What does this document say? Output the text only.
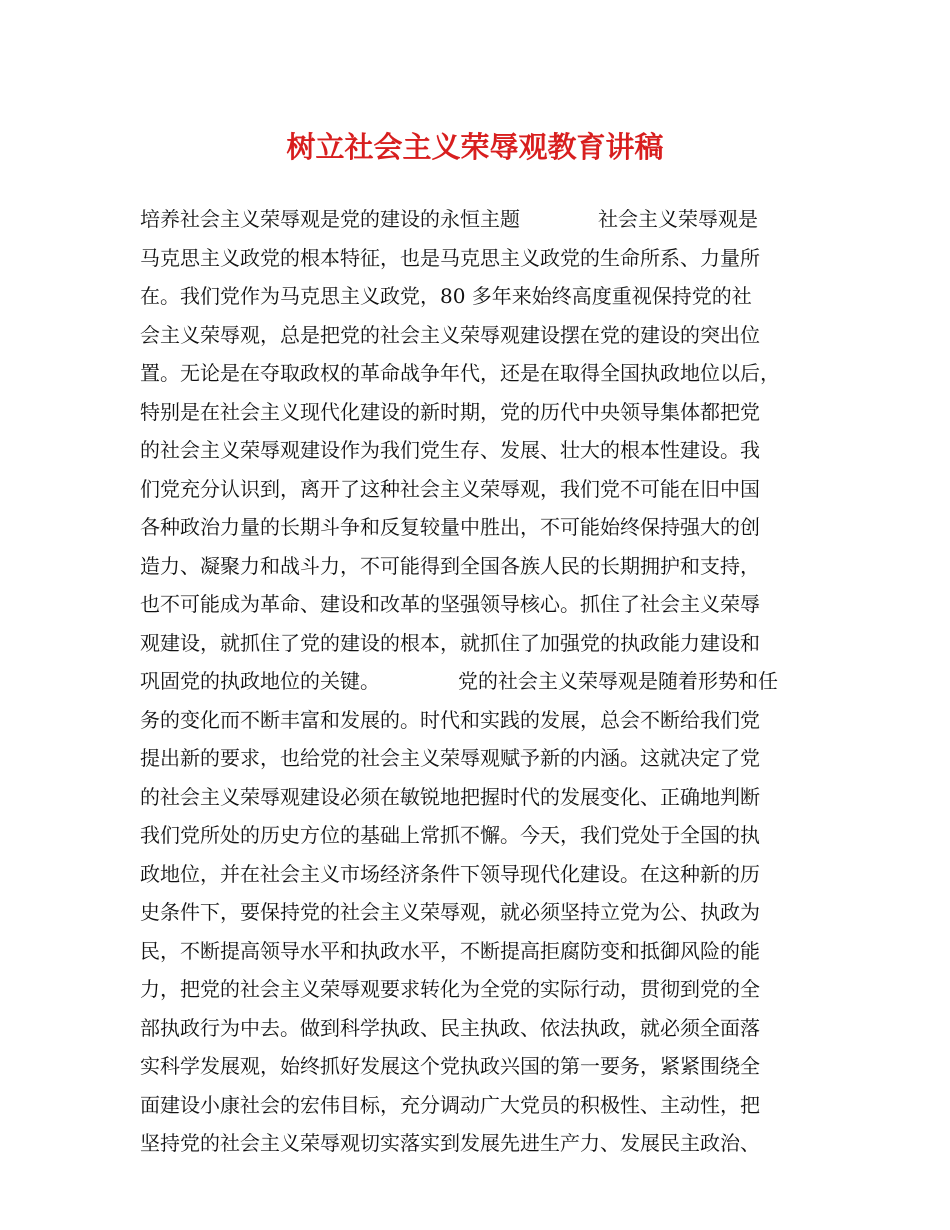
树立社会主义荣辱观教育讲稿
培养社会主义荣辱观是党的建设的永恒主题	社会主义荣辱观是
马克思主义政党的根本特征，也是马克思主义政党的生命所系、力量所
在。我们党作为马克思主义政党，80 多年来始终高度重视保持党的社
会主义荣辱观，总是把党的社会主义荣辱观建设摆在党的建设的突出位
置。无论是在夺取政权的革命战争年代，还是在取得全国执政地位以后，
特别是在社会主义现代化建设的新时期，党的历代中央领导集体都把党
的社会主义荣辱观建设作为我们党生存、发展、壮大的根本性建设。我
们党充分认识到，离开了这种社会主义荣辱观，我们党不可能在旧中国
各种政治力量的长期斗争和反复较量中胜出，不可能始终保持强大的创
造力、凝聚力和战斗力，不可能得到全国各族人民的长期拥护和支持，
也不可能成为革命、建设和改革的坚强领导核心。抓住了社会主义荣辱
观建设，就抓住了党的建设的根本，就抓住了加强党的执政能力建设和
巩固党的执政地位的关键。	党的社会主义荣辱观是随着形势和任
务的变化而不断丰富和发展的。时代和实践的发展，总会不断给我们党
提出新的要求，也给党的社会主义荣辱观赋予新的内涵。这就决定了党
的社会主义荣辱观建设必须在敏锐地把握时代的发展变化、正确地判断
我们党所处的历史方位的基础上常抓不懈。今天，我们党处于全国的执
政地位，并在社会主义市场经济条件下领导现代化建设。在这种新的历
史条件下，要保持党的社会主义荣辱观，就必须坚持立党为公、执政为
民，不断提高领导水平和执政水平，不断提高拒腐防变和抵御风险的能
力，把党的社会主义荣辱观要求转化为全党的实际行动，贯彻到党的全
部执政行为中去。做到科学执政、民主执政、依法执政，就必须全面落
实科学发展观，始终抓好发展这个党执政兴国的第一要务，紧紧围绕全
面建设小康社会的宏伟目标，充分调动广大党员的积极性、主动性，把
坚持党的社会主义荣辱观切实落实到发展先进生产力、发展民主政治、
